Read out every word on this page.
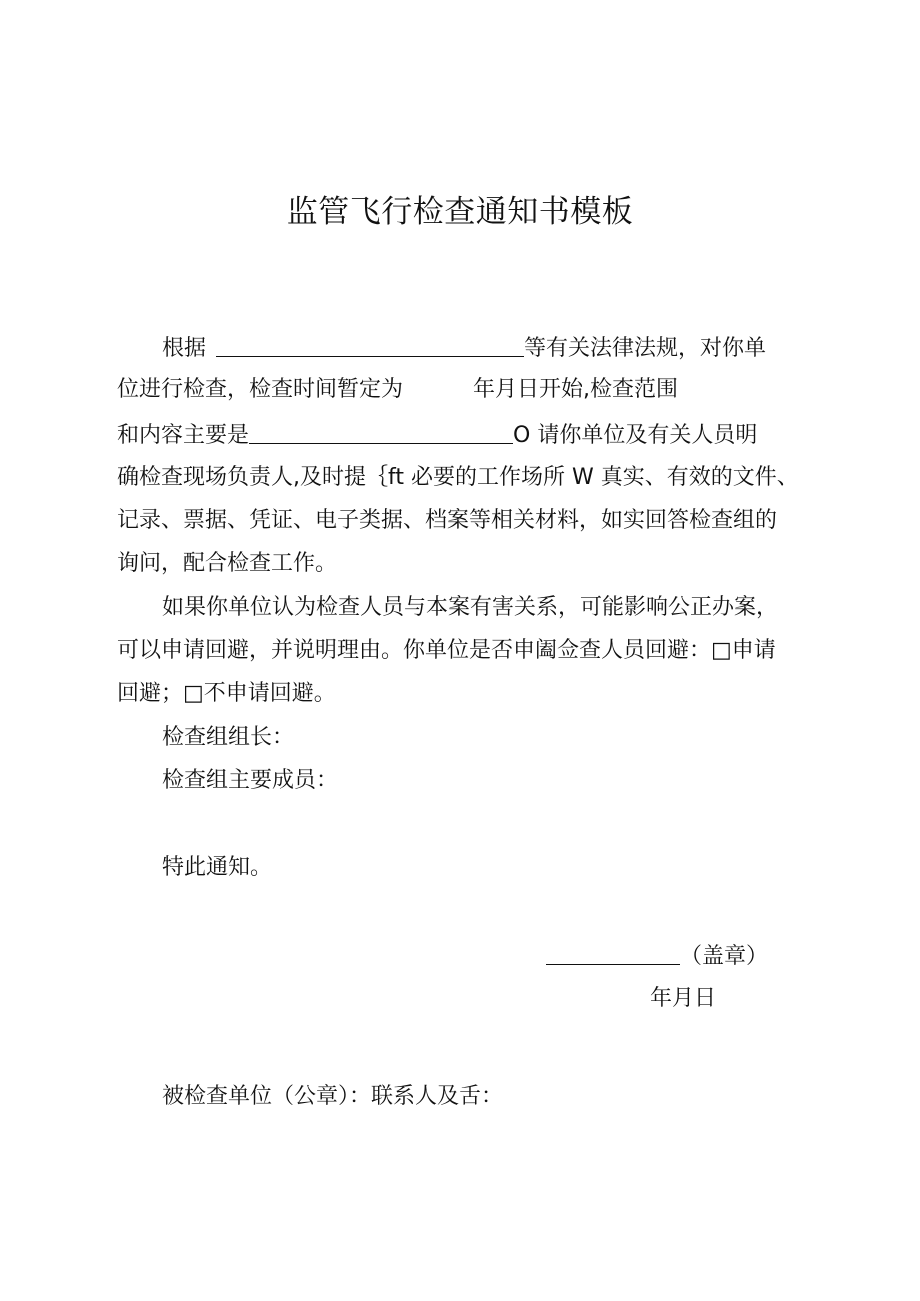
监管飞行检查通知书模板
根据	等有关法律法规，对你单
位进行检查，检查时间暂定为	年月日开始,检查范围
和内容主要是	O 请你单位及有关人员明
确检查现场负责人,及时提｛ft 必要的工作场所 W 真实、有效的文件、
记录、票据、凭证、电子类据、档案等相关材料，如实回答检查组的
询问，配合检查工作。
如果你单位认为检查人员与本案有害关系，可能影响公正办案，
可以申请回避，并说明理由。你单位是否申阖佥查人员回避：□申请
回避；□不申请回避。
检查组组长：
检查组主要成员：
特此通知。
（盖章）
年月日
被检查单位（公章）：联系人及舌：
